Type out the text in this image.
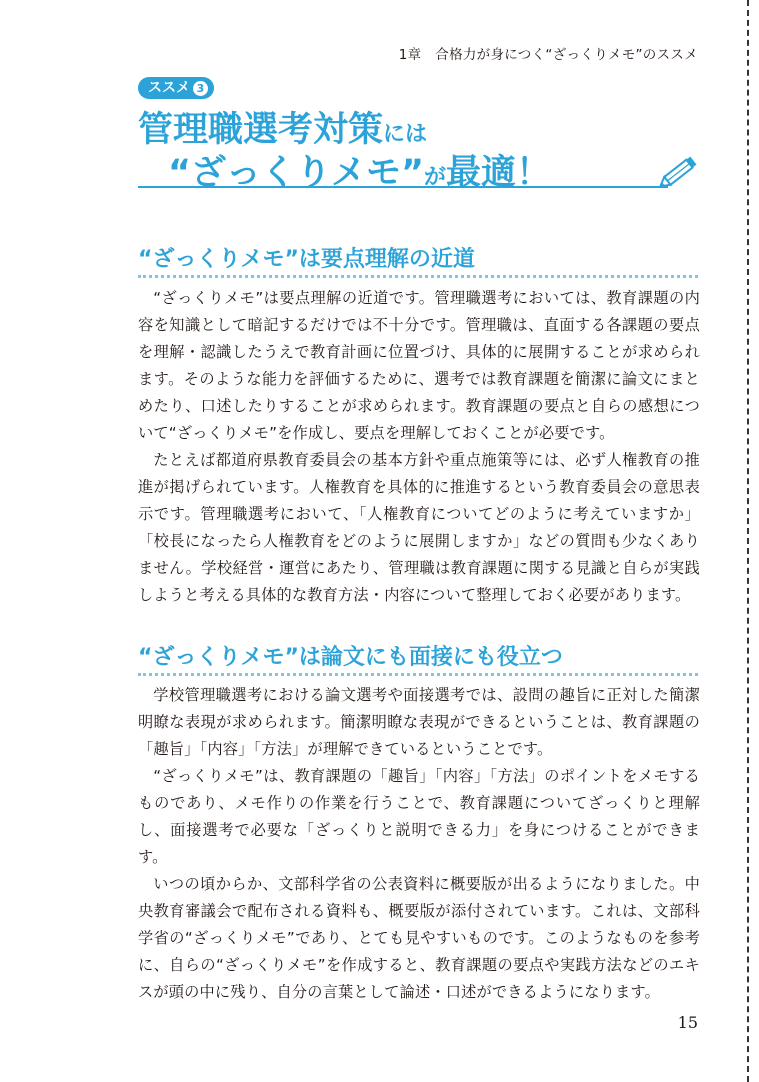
1章　合格力が身につく“ざっくりメモ”のススメ
ススメ 3
管理職選考対策には
“ざっくりメモ”が最適！
“ざっくりメモ”は要点理解の近道

“ざっくりメモ”は要点理解の近道です。管理職選考においては、教育課題の内容を知識として暗記するだけでは不十分です。管理職は、直面する各課題の要点を理解・認識したうえで教育計画に位置づけ、具体的に展開することが求められます。そのような能力を評価するために、選考では教育課題を簡潔に論文にまとめたり、口述したりすることが求められます。教育課題の要点と自らの感想について“ざっくりメモ”を作成し、要点を理解しておくことが必要です。

たとえば都道府県教育委員会の基本方針や重点施策等には、必ず人権教育の推進が掲げられています。人権教育を具体的に推進するという教育委員会の意思表示です。管理職選考において、「人権教育についてどのように考えていますか」「校長になったら人権教育をどのように展開しますか」などの質問も少なくありません。学校経営・運営にあたり、管理職は教育課題に関する見識と自らが実践しようと考える具体的な教育方法・内容について整理しておく必要があります。

“ざっくりメモ”は論文にも面接にも役立つ

学校管理職選考における論文選考や面接選考では、設問の趣旨に正対した簡潔明瞭な表現が求められます。簡潔明瞭な表現ができるということは、教育課題の「趣旨」「内容」「方法」が理解できているということです。

“ざっくりメモ”は、教育課題の「趣旨」「内容」「方法」のポイントをメモするものであり、メモ作りの作業を行うことで、教育課題についてざっくりと理解し、面接選考で必要な「ざっくりと説明できる力」を身につけることができます。

いつの頃からか、文部科学省の公表資料に概要版が出るようになりました。中央教育審議会で配布される資料も、概要版が添付されています。これは、文部科学省の“ざっくりメモ”であり、とても見やすいものです。このようなものを参考に、自らの“ざっくりメモ”を作成すると、教育課題の要点や実践方法などのエキスが頭の中に残り、自分の言葉として論述・口述ができるようになります。

15
